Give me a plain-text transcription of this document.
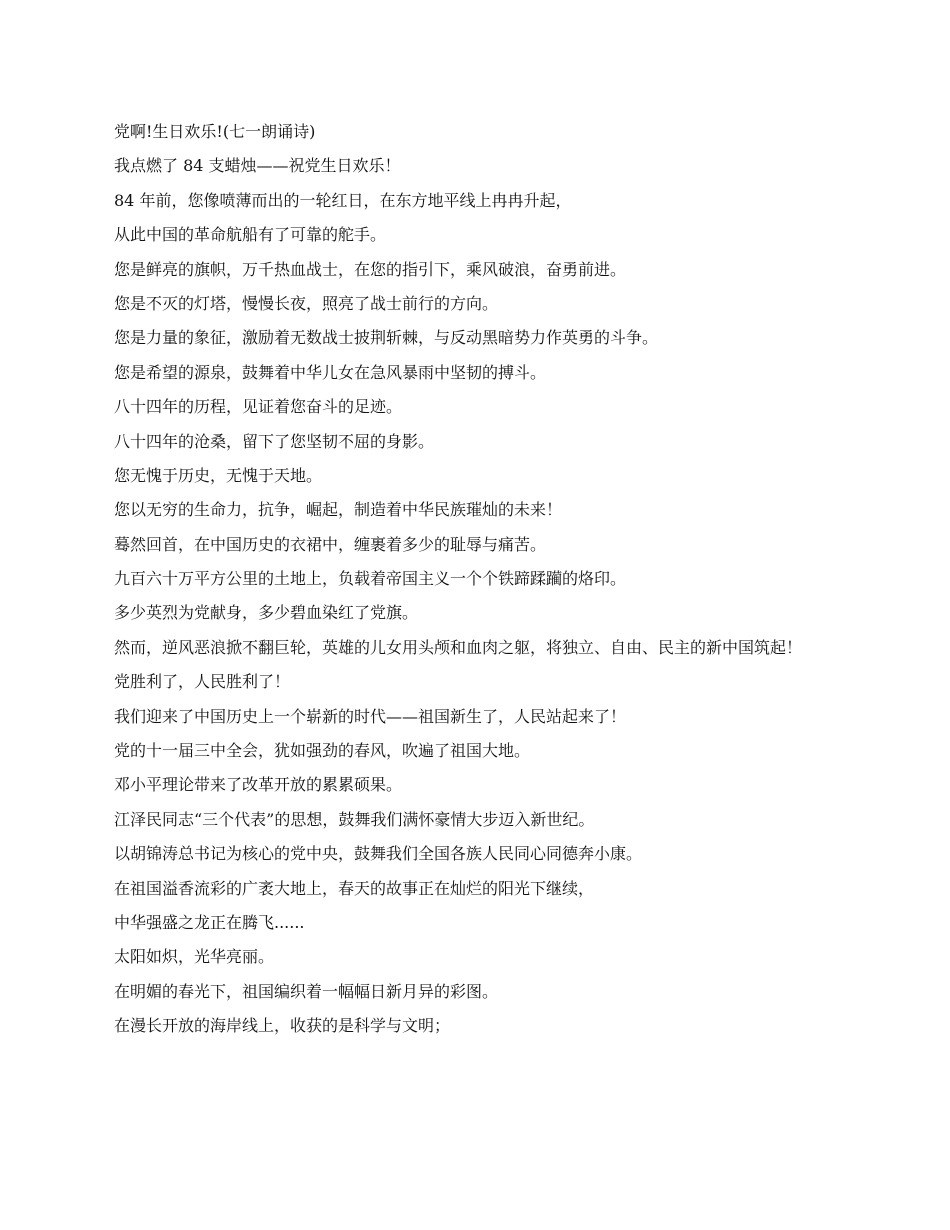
党啊!生日欢乐!(七一朗诵诗)

我点燃了 84 支蜡烛——祝党生日欢乐！

84 年前，您像喷薄而出的一轮红日，在东方地平线上冉冉升起，

从此中国的革命航船有了可靠的舵手。

您是鲜亮的旗帜，万千热血战士，在您的指引下，乘风破浪，奋勇前进。

您是不灭的灯塔，慢慢长夜，照亮了战士前行的方向。

您是力量的象征，激励着无数战士披荆斩棘，与反动黑暗势力作英勇的斗争。

您是希望的源泉，鼓舞着中华儿女在急风暴雨中坚韧的搏斗。

八十四年的历程，见证着您奋斗的足迹。

八十四年的沧桑，留下了您坚韧不屈的身影。

您无愧于历史，无愧于天地。

您以无穷的生命力，抗争，崛起，制造着中华民族璀灿的未来！

蓦然回首，在中国历史的衣裙中，缠裹着多少的耻辱与痛苦。

九百六十万平方公里的土地上，负载着帝国主义一个个铁蹄蹂躏的烙印。

多少英烈为党献身，多少碧血染红了党旗。

然而，逆风恶浪掀不翻巨轮，英雄的儿女用头颅和血肉之躯，将独立、自由、民主的新中国筑起！

党胜利了，人民胜利了！

我们迎来了中国历史上一个崭新的时代——祖国新生了，人民站起来了！

党的十一届三中全会，犹如强劲的春风，吹遍了祖国大地。

邓小平理论带来了改革开放的累累硕果。

江泽民同志“三个代表”的思想，鼓舞我们满怀豪情大步迈入新世纪。

以胡锦涛总书记为核心的党中央，鼓舞我们全国各族人民同心同德奔小康。

在祖国溢香流彩的广袤大地上，春天的故事正在灿烂的阳光下继续，

中华强盛之龙正在腾飞......

太阳如炽，光华亮丽。

在明媚的春光下，祖国编织着一幅幅日新月异的彩图。

在漫长开放的海岸线上，收获的是科学与文明；
